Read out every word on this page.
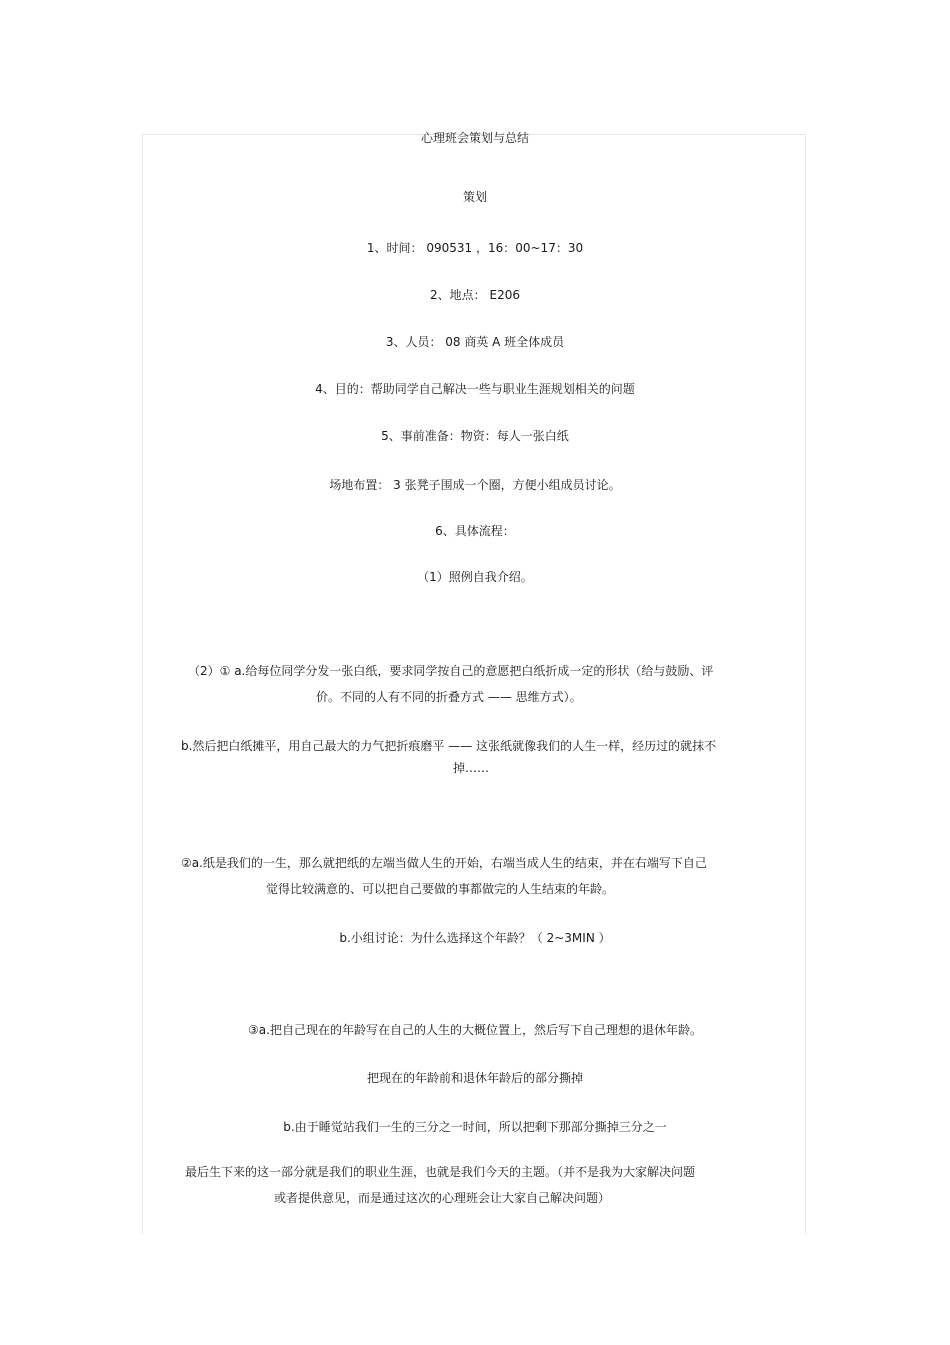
心理班会策划与总结
策划
1、时间： 090531 ，16：00~17：30
2、地点： E206
3、人员： 08 商英 A 班全体成员
4、目的：帮助同学自己解决一些与职业生涯规划相关的问题
5、事前准备：物资：每人一张白纸
场地布置： 3 张凳子围成一个圈，方便小组成员讨论。
6、具体流程：
（1）照例自我介绍。
（2）① a.给每位同学分发一张白纸，要求同学按自己的意愿把白纸折成一定的形状（给与鼓励、评
价。不同的人有不同的折叠方式 —— 思维方式）。
b.然后把白纸摊平，用自己最大的力气把折痕磨平 —— 这张纸就像我们的人生一样，经历过的就抹不
掉……
②a.纸是我们的一生，那么就把纸的左端当做人生的开始，右端当成人生的结束，并在右端写下自己
觉得比较满意的、可以把自己要做的事都做完的人生结束的年龄。
b.小组讨论：为什么选择这个年龄？（ 2~3MIN ）
③a.把自己现在的年龄写在自己的人生的大概位置上，然后写下自己理想的退休年龄。
把现在的年龄前和退休年龄后的部分撕掉
b.由于睡觉站我们一生的三分之一时间，所以把剩下那部分撕掉三分之一
最后生下来的这一部分就是我们的职业生涯，也就是我们今天的主题。（并不是我为大家解决问题
或者提供意见，而是通过这次的心理班会让大家自己解决问题）
